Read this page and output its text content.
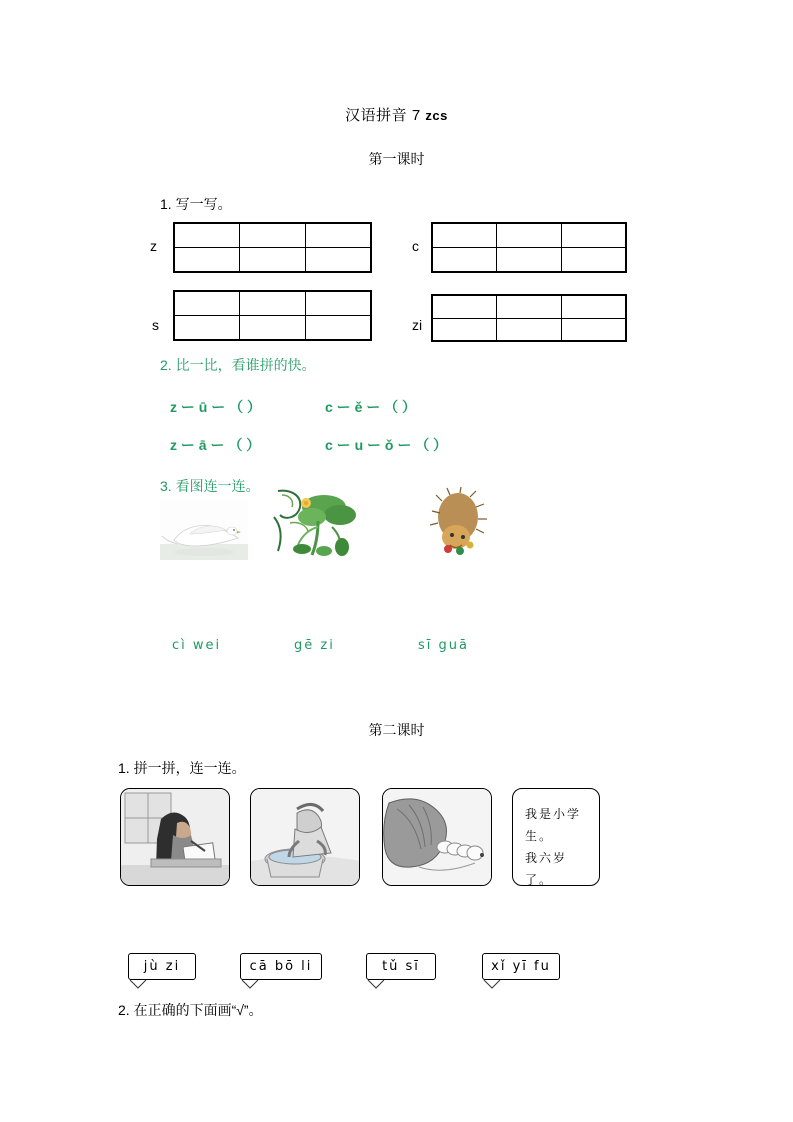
汉语拼音 7 zcs
第一课时
1. 写一写。
z

			c

s

			zi

2. 比一比，看谁拼的快。
z ー ū ー （ ）	c ー ě ー （ ）
z ー ā ー （ ）	c ー u ー ǒ ー （ ）
3. 看图连一连。
cì wei	gē zi	sī guā
第二课时
1. 拼一拼，连一连。
我是小学
生。
我六岁了。
jù zi	cā bō li	tǔ sī	xǐ yī fu
2. 在正确的下面画“√”。
